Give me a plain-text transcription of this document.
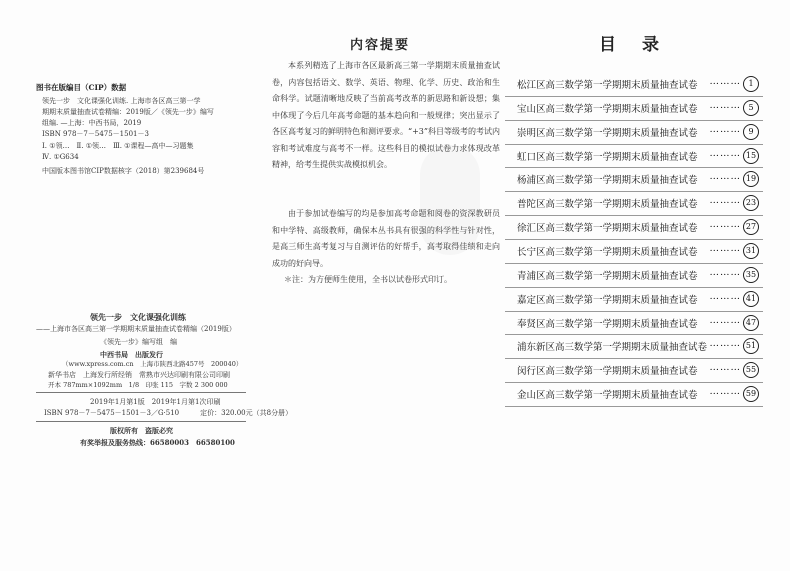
图书在版编目（CIP）数据
领先一步　文化课强化训练. 上海市各区高三第一学
期期末质量抽查试卷精编：2019版／《领先一步》编写
组编. —上海：中西书局，2019
ISBN 978－7－5475－1501－3
Ⅰ. ①领…　Ⅱ. ①领…　Ⅲ. ①课程—高中—习题集
Ⅳ. ①G634
中国版本图书馆CIP数据核字（2018）第239684号
内容提要
本系列精选了上海市各区最新高三第一学期期末质量抽查试卷，内容包括语文、数学、英语、物理、化学、历史、政治和生命科学。试题清晰地反映了当前高考改革的新思路和新设想；集中体现了今后几年高考命题的基本趋向和一般规律；突出显示了各区高考复习的鲜明特色和测评要求。“+3”科目等级考的考试内容和考试难度与高考不一样。这些科目的模拟试卷力求体现改革精神，给考生提供实战模拟机会。
由于参加试卷编写的均是参加高考命题和阅卷的资深教研员和中学特、高级教师，确保本丛书具有很强的科学性与针对性，是高三师生高考复习与自测评估的好帮手，高考取得佳绩和走向成功的好向导。
＊注：为方便师生使用，全书以试卷形式印订。
目录
松江区高三数学第一学期期末质量抽查试卷 ……… 1
宝山区高三数学第一学期期末质量抽查试卷 ……… 5
崇明区高三数学第一学期期末质量抽查试卷 ……… 9
虹口区高三数学第一学期期末质量抽查试卷 ……… 15
杨浦区高三数学第一学期期末质量抽查试卷 ……… 19
普陀区高三数学第一学期期末质量抽查试卷 ……… 23
徐汇区高三数学第一学期期末质量抽查试卷 ……… 27
长宁区高三数学第一学期期末质量抽查试卷 ……… 31
青浦区高三数学第一学期期末质量抽查试卷 ……… 35
嘉定区高三数学第一学期期末质量抽查试卷 ……… 41
奉贤区高三数学第一学期期末质量抽查试卷 ……… 47
浦东新区高三数学第一学期期末质量抽查试卷 ……… 51
闵行区高三数学第一学期期末质量抽查试卷 ……… 55
金山区高三数学第一学期期末质量抽查试卷 ……… 59
领先一步　文化课强化训练
——上海市各区高三第一学期期末质量抽查试卷精编（2019版）
《领先一步》编写组　编
中西书局　出版发行
（www.xpress.com.cn　上海市陕西北路457号　200040）
新华书店　上海发行所经销　常熟市兴达印刷有限公司印刷
开本 787mm×1092mm　1/8　印张 115　字数 2 300 000
2019年1月第1版　2019年1月第1次印刷
ISBN 978－7－5475－1501－3／G·510　　　定价：320.00元（共8分册）
版权所有　盗版必究
有奖举报及服务热线：66580003　66580100
